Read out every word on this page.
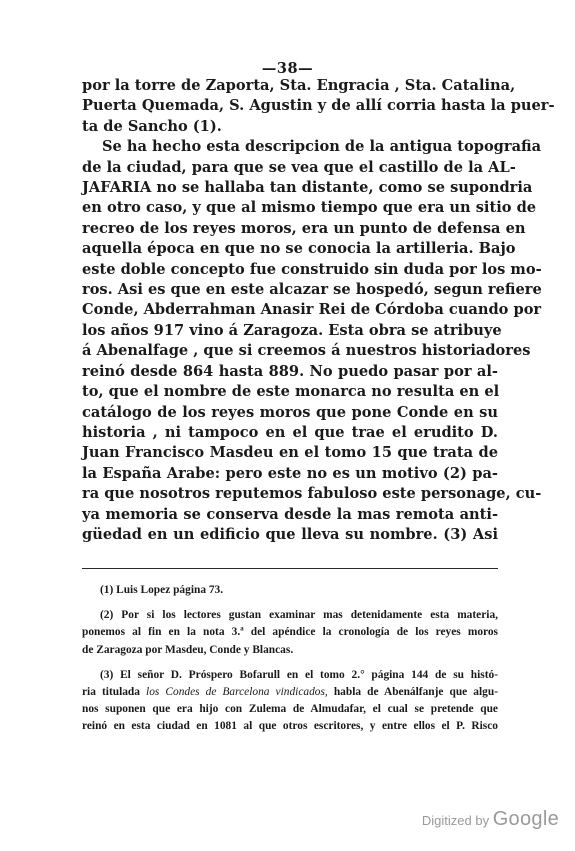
—38—
por la torre de Zaporta, Sta. Engracia , Sta. Catalina,
Puerta Quemada, S. Agustin y de allí corria hasta la puer-
ta de Sancho (1).
Se ha hecho esta descripcion de la antigua topografia
de la ciudad, para que se vea que el castillo de la AL-
JAFARIA no se hallaba tan distante, como se supondria
en otro caso, y que al mismo tiempo que era un sitio de
recreo de los reyes moros, era un punto de defensa en
aquella época en que no se conocia la artilleria. Bajo
este doble concepto fue construido sin duda por los mo-
ros. Asi es que en este alcazar se hospedó, segun refiere
Conde, Abderrahman Anasir Rei de Córdoba cuando por
los años 917 vino á Zaragoza. Esta obra se atribuye
á Abenalfage , que si creemos á nuestros historiadores
reinó desde 864 hasta 889. No puedo pasar por al-
to, que el nombre de este monarca no resulta en el
catálogo de los reyes moros que pone Conde en su
historia , ni tampoco en el que trae el erudito D.
Juan Francisco Masdeu en el tomo 15 que trata de
la España Arabe: pero este no es un motivo (2) pa-
ra que nosotros reputemos fabuloso este personage, cu-
ya memoria se conserva desde la mas remota anti-
güedad en un edificio que lleva su nombre. (3) Asi
(1) Luis Lopez página 73.
(2) Por si los lectores gustan examinar mas detenidamente esta materia,
ponemos al fin en la nota 3.ª del apéndice la cronología de los reyes moros
de Zaragoza por Masdeu, Conde y Blancas.
(3) El señor D. Próspero Bofarull en el tomo 2.° página 144 de su histó-
ria titulada los Condes de Barcelona vindicados, habla de Abenálfanje que algu-
nos suponen que era hijo con Zulema de Almudafar, el cual se pretende que
reinó en esta ciudad en 1081 al que otros escritores, y entre ellos el P. Risco
Digitized by Google
